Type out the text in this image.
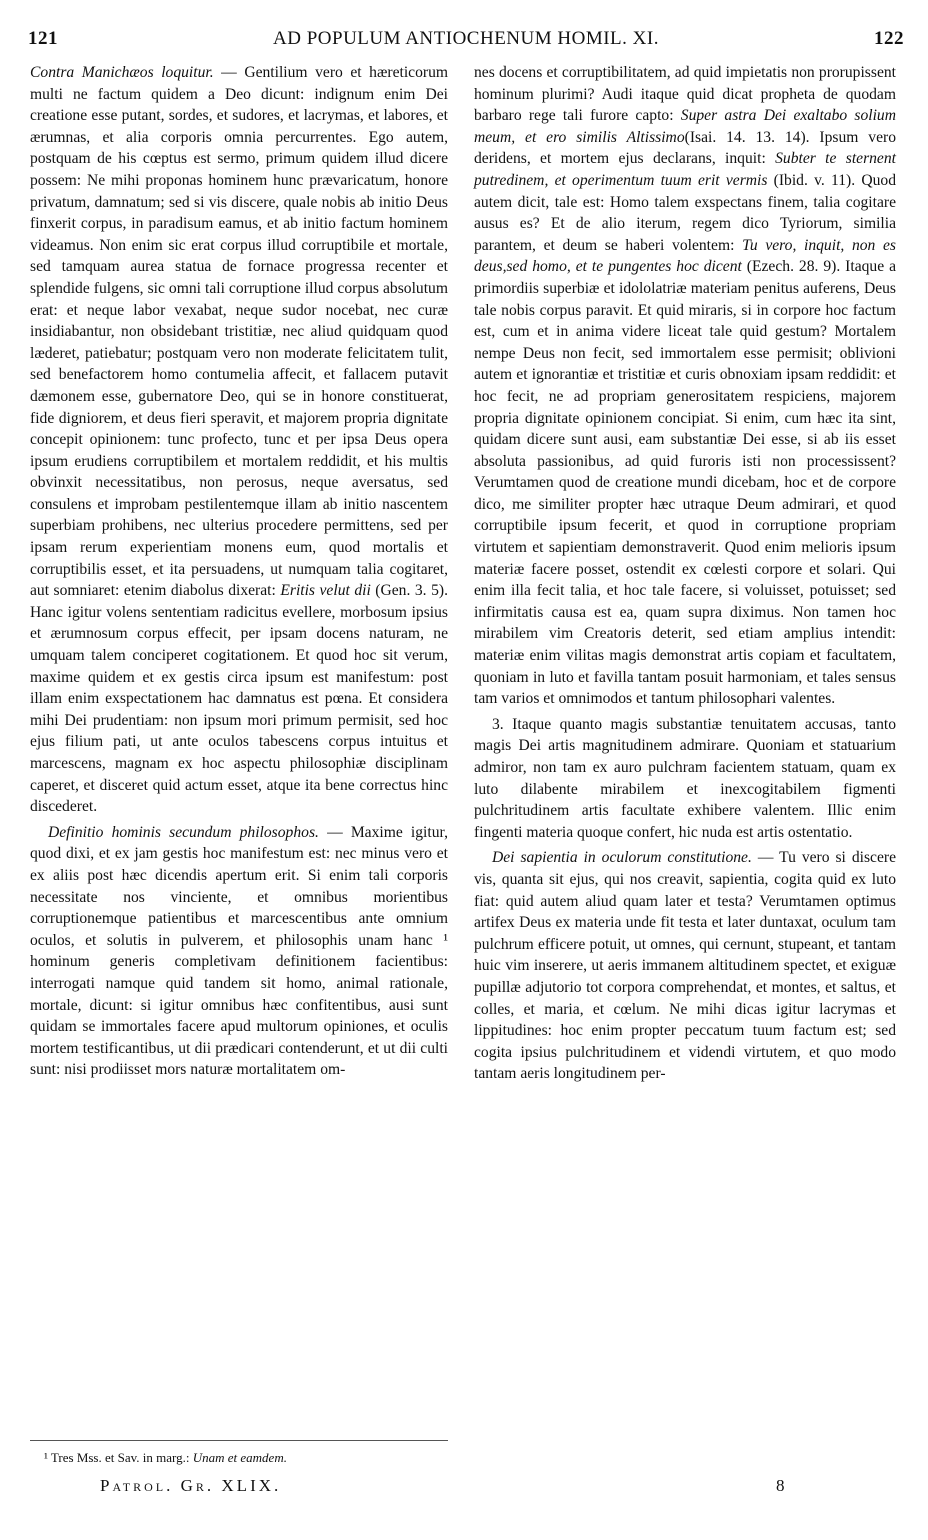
121	AD POPULUM ANTIOCHENUM HOMIL. XI.	122

Contra Manichæos loquitur. — Gentilium vero et hæreticorum multi ne factum quidem a Deo dicunt: indignum enim Dei creatione esse putant, sordes, et sudores, et lacrymas, et labores, et ærumnas, et alia corporis omnia percurrentes. Ego autem, postquam de his cœptus est sermo, primum quidem illud dicere possem: Ne mihi proponas hominem hunc prævaricatum, honore privatum, damnatum; sed si vis discere, quale nobis ab initio Deus finxerit corpus, in paradisum eamus, et ab initio factum hominem videamus. Non enim sic erat corpus illud corruptibile et mortale, sed tamquam aurea statua de fornace progressa recenter et splendide fulgens, sic omni tali corruptione illud corpus absolutum erat: et neque labor vexabat, neque sudor nocebat, nec curæ insidiabantur, non obsidebant tristitiæ, nec aliud quidquam quod læderet, patiebatur; postquam vero non moderate felicitatem tulit, sed benefactorem homo contumelia affecit, et fallacem putavit dæmonem esse, gubernatore Deo, qui se in honore constituerat, fide digniorem, et deus fieri speravit, et majorem propria dignitate concepit opinionem: tunc profecto, tunc et per ipsa Deus opera ipsum erudiens corruptibilem et mortalem reddidit, et his multis obvinxit necessitatibus, non perosus, neque aversatus, sed consulens et improbam pestilentemque illam ab initio nascentem superbiam prohibens, nec ulterius procedere permittens, sed per ipsam rerum experientiam monens eum, quod mortalis et corruptibilis esset, et ita persuadens, ut numquam talia cogitaret, aut somniaret: etenim diabolus dixerat: Eritis velut dii (Gen. 3. 5). Hanc igitur volens sententiam radicitus evellere, morbosum ipsius et ærumnosum corpus effecit, per ipsam docens naturam, ne umquam talem conciperet cogitationem. Et quod hoc sit verum, maxime quidem et ex gestis circa ipsum est manifestum: post illam enim exspectationem hac damnatus est pœna. Et considera mihi Dei prudentiam: non ipsum mori primum permisit, sed hoc ejus filium pati, ut ante oculos tabescens corpus intuitus et marcescens, magnam ex hoc aspectu philosophiæ disciplinam caperet, et disceret quid actum esset, atque ita bene correctus hinc discederet.

Definitio hominis secundum philosophos. — Maxime igitur, quod dixi, et ex jam gestis hoc manifestum est: nec minus vero et ex aliis post hæc dicendis apertum erit. Si enim tali corporis necessitate nos vinciente, et omnibus morientibus corruptionemque patientibus et marcescentibus ante omnium oculos, et solutis in pulverem, et philosophis unam hanc ¹ hominum generis completivam definitionem facientibus: interrogati namque quid tandem sit homo, animal rationale, mortale, dicunt: si igitur omnibus hæc confitentibus, ausi sunt quidam se immortales facere apud multorum opiniones, et oculis mortem testificantibus, ut dii prædicari contenderunt, et ut dii culti sunt: nisi prodiisset mors naturæ mortalitatem om-

nes docens et corruptibilitatem, ad quid impietatis non prorupissent hominum plurimi? Audi itaque quid dicat propheta de quodam barbaro rege tali furore capto: Super astra Dei exaltabo solium meum, et ero similis Altissimo(Isai. 14. 13. 14). Ipsum vero deridens, et mortem ejus declarans, inquit: Subter te sternent putredinem, et operimentum tuum erit vermis (Ibid. v. 11). Quod autem dicit, tale est: Homo talem exspectans finem, talia cogitare ausus es? Et de alio iterum, regem dico Tyriorum, similia parantem, et deum se haberi volentem: Tu vero, inquit, non es deus,sed homo, et te pungentes hoc dicent (Ezech. 28. 9). Itaque a primordiis superbiæ et idololatriæ materiam penitus auferens, Deus tale nobis corpus paravit. Et quid miraris, si in corpore hoc factum est, cum et in anima videre liceat tale quid gestum? Mortalem nempe Deus non fecit, sed immortalem esse permisit; oblivioni autem et ignorantiæ et tristitiæ et curis obnoxiam ipsam reddidit: et hoc fecit, ne ad propriam generositatem respiciens, majorem propria dignitate opinionem concipiat. Si enim, cum hæc ita sint, quidam dicere sunt ausi, eam substantiæ Dei esse, si ab iis esset absoluta passionibus, ad quid furoris isti non processissent? Verumtamen quod de creatione mundi dicebam, hoc et de corpore dico, me similiter propter hæc utraque Deum admirari, et quod corruptibile ipsum fecerit, et quod in corruptione propriam virtutem et sapientiam demonstraverit. Quod enim melioris ipsum materiæ facere posset, ostendit ex cœlesti corpore et solari. Qui enim illa fecit talia, et hoc tale facere, si voluisset, potuisset; sed infirmitatis causa est ea, quam supra diximus. Non tamen hoc mirabilem vim Creatoris deterit, sed etiam amplius intendit: materiæ enim vilitas magis demonstrat artis copiam et facultatem, quoniam in luto et favilla tantam posuit harmoniam, et tales sensus tam varios et omnimodos et tantum philosophari valentes.

3. Itaque quanto magis substantiæ tenuitatem accusas, tanto magis Dei artis magnitudinem admirare. Quoniam et statuarium admiror, non tam ex auro pulchram facientem statuam, quam ex luto dilabente mirabilem et inexcogitabilem figmenti pulchritudinem artis facultate exhibere valentem. Illic enim fingenti materia quoque confert, hic nuda est artis ostentatio.

Dei sapientia in oculorum constitutione. — Tu vero si discere vis, quanta sit ejus, qui nos creavit, sapientia, cogita quid ex luto fiat: quid autem aliud quam later et testa? Verumtamen optimus artifex Deus ex materia unde fit testa et later duntaxat, oculum tam pulchrum efficere potuit, ut omnes, qui cernunt, stupeant, et tantam huic vim inserere, ut aeris immanem altitudinem spectet, et exiguæ pupillæ adjutorio tot corpora comprehendat, et montes, et saltus, et colles, et maria, et cœlum. Ne mihi dicas igitur lacrymas et lippitudines: hoc enim propter peccatum tuum factum est; sed cogita ipsius pulchritudinem et videndi virtutem, et quo modo tantam aeris longitudinem per-

¹ Tres Mss. et Sav. in marg.: Unam et eamdem.
Patrol. Gr. XLIX.	8
